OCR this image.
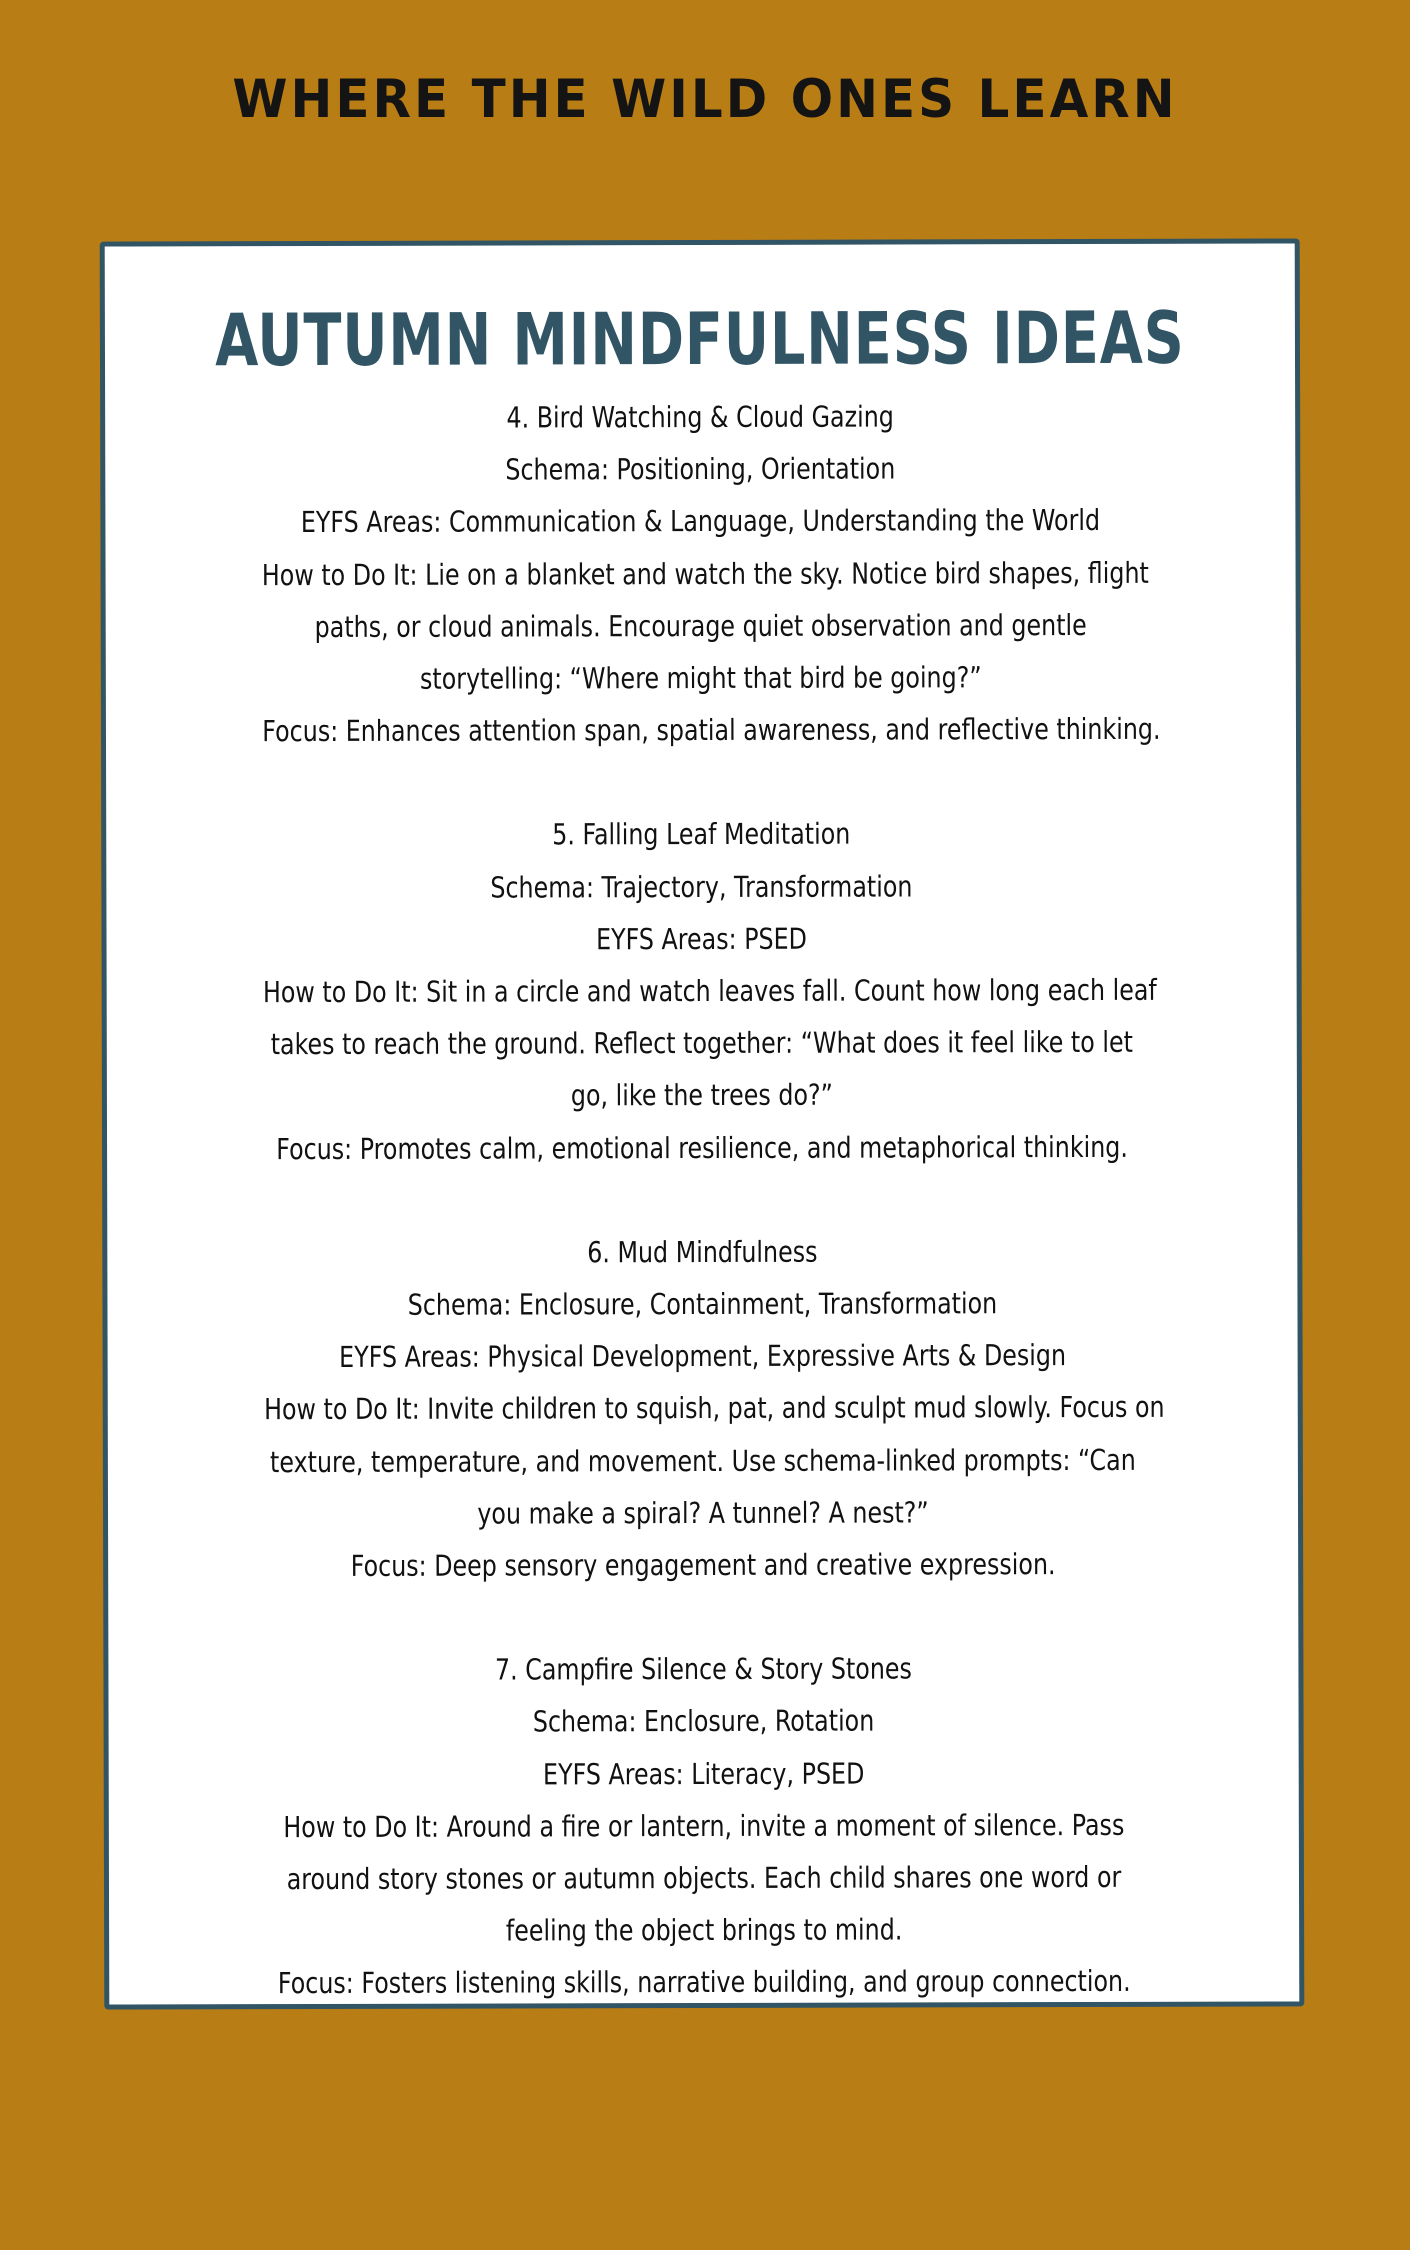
WHERE THE WILD ONES LEARN
AUTUMN MINDFULNESS IDEAS
4. Bird Watching & Cloud Gazing
Schema: Positioning, Orientation
EYFS Areas: Communication & Language, Understanding the World
How to Do It: Lie on a blanket and watch the sky. Notice bird shapes, flight
paths, or cloud animals. Encourage quiet observation and gentle
storytelling: “Where might that bird be going?”
Focus: Enhances attention span, spatial awareness, and reflective thinking.
5. Falling Leaf Meditation
Schema: Trajectory, Transformation
EYFS Areas: PSED
How to Do It: Sit in a circle and watch leaves fall. Count how long each leaf
takes to reach the ground. Reflect together: “What does it feel like to let
go, like the trees do?”
Focus: Promotes calm, emotional resilience, and metaphorical thinking.
6. Mud Mindfulness
Schema: Enclosure, Containment, Transformation
EYFS Areas: Physical Development, Expressive Arts & Design
How to Do It: Invite children to squish, pat, and sculpt mud slowly. Focus on
texture, temperature, and movement. Use schema-linked prompts: “Can
you make a spiral? A tunnel? A nest?”
Focus: Deep sensory engagement and creative expression.
7. Campfire Silence & Story Stones
Schema: Enclosure, Rotation
EYFS Areas: Literacy, PSED
How to Do It: Around a fire or lantern, invite a moment of silence. Pass
around story stones or autumn objects. Each child shares one word or
feeling the object brings to mind.
Focus: Fosters listening skills, narrative building, and group connection.
